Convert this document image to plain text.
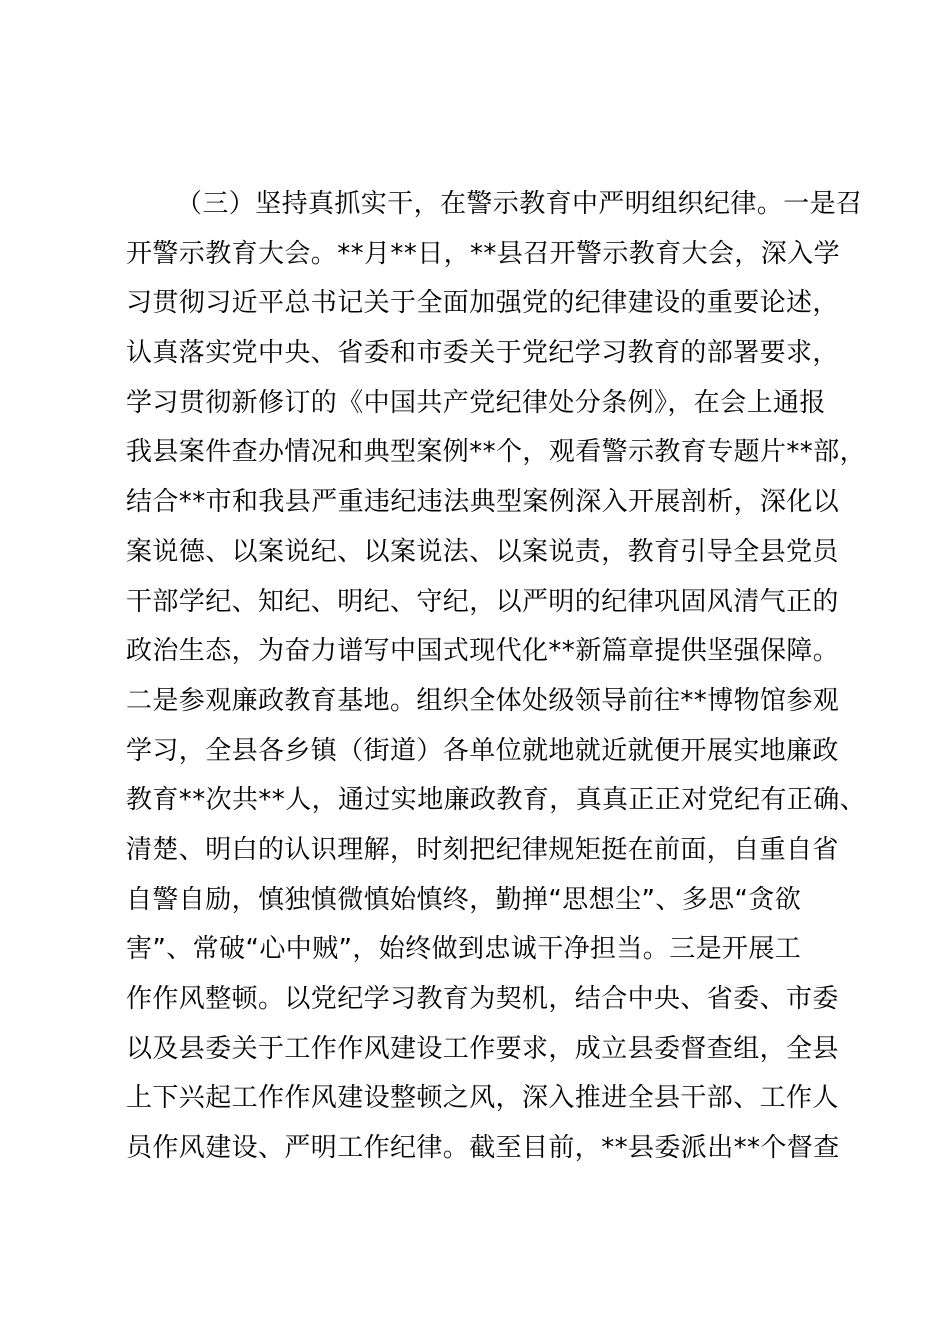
（三）坚持真抓实干，在警示教育中严明组织纪律。一是召
开警示教育大会。**月**日，**县召开警示教育大会，深入学
习贯彻习近平总书记关于全面加强党的纪律建设的重要论述，
认真落实党中央、省委和市委关于党纪学习教育的部署要求，
学习贯彻新修订的《中国共产党纪律处分条例》，在会上通报
我县案件查办情况和典型案例**个，观看警示教育专题片**部，
结合**市和我县严重违纪违法典型案例深入开展剖析，深化以
案说德、以案说纪、以案说法、以案说责，教育引导全县党员
干部学纪、知纪、明纪、守纪，以严明的纪律巩固风清气正的
政治生态，为奋力谱写中国式现代化**新篇章提供坚强保障。
二是参观廉政教育基地。组织全体处级领导前往**博物馆参观
学习，全县各乡镇（街道）各单位就地就近就便开展实地廉政
教育**次共**人，通过实地廉政教育，真真正正对党纪有正确、
清楚、明白的认识理解，时刻把纪律规矩挺在前面，自重自省
自警自励，慎独慎微慎始慎终，勤掸“思想尘”、多思“贪欲
害”、常破“心中贼”，始终做到忠诚干净担当。三是开展工
作作风整顿。以党纪学习教育为契机，结合中央、省委、市委
以及县委关于工作作风建设工作要求，成立县委督查组，全县
上下兴起工作作风建设整顿之风，深入推进全县干部、工作人
员作风建设、严明工作纪律。截至目前，**县委派出**个督查
